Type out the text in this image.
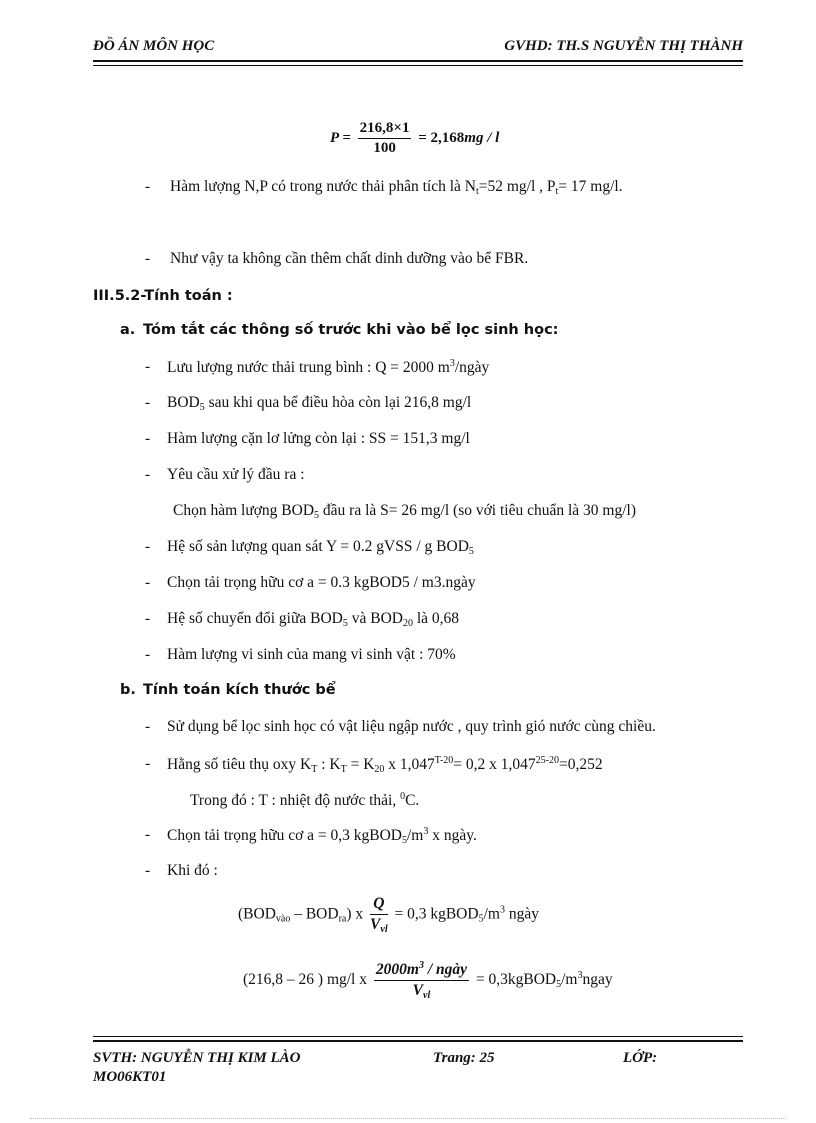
ĐỒ ÁN MÔN HỌC	GVHD: TH.S NGUYỄN THỊ THÀNH
$P = \frac{216,8\times 1}{100} = 2,168mg / l$
- Hàm lượng N,P có trong nước thải phân tích là $N_t=52$ mg/l , $P_t= 17$ mg/l.
- Như vậy ta không cần thêm chất dinh dưỡng vào bể FBR.
III.5.2-Tính toán :
a. Tóm tắt các thông số trước khi vào bể lọc sinh học:
- Lưu lượng nước thải trung bình : Q = 2000 $m^3$/ngày
- $BOD_5$ sau khi qua bể điều hòa còn lại 216,8 mg/l
- Hàm lượng cặn lơ lửng còn lại : SS = 151,3 mg/l
- Yêu cầu xử lý đầu ra :
Chọn hàm lượng $BOD_5$ đầu ra là S= 26 mg/l (so với tiêu chuẩn là 30 mg/l)
- Hệ số sản lượng quan sát Y = 0.2 gVSS / g $BOD_5$
- Chọn tải trọng hữu cơ a = 0.3 kgBOD5 / m3.ngày
- Hệ số chuyển đổi giữa $BOD_5$ và $BOD_{20}$ là 0,68
- Hàm lượng vi sinh của mang vi sinh vật : 70%
b. Tính toán kích thước bể
- Sử dụng bể lọc sinh học có vật liệu ngập nước , quy trình gió nước cùng chiều.
- Hằng số tiêu thụ oxy $K_T$ : $K_T = K_{20}$ x $1,047^{T-20}= 0,2$ x $1,047^{25-20}=0,252$
Trong đó : T : nhiệt độ nước thải, $^0$C.
- Chọn tải trọng hữu cơ a = 0,3 $kgBOD_5/m^3$ x ngày.
- Khi đó :
$(BOD_{vào} - BOD_{ra})$ x $\frac{Q}{V_{vl}} = 0,3$ $kgBOD_5/m^3$ ngày
(216,8 – 26 ) mg/l x $\frac{2000m^3 / ngày}{V_{vl}}$ = $0,3kgBOD_5/m^3ngay$
SVTH: NGUYỄN THỊ KIM LÀO	Trang: 25	LỚP:
MO06KT01
